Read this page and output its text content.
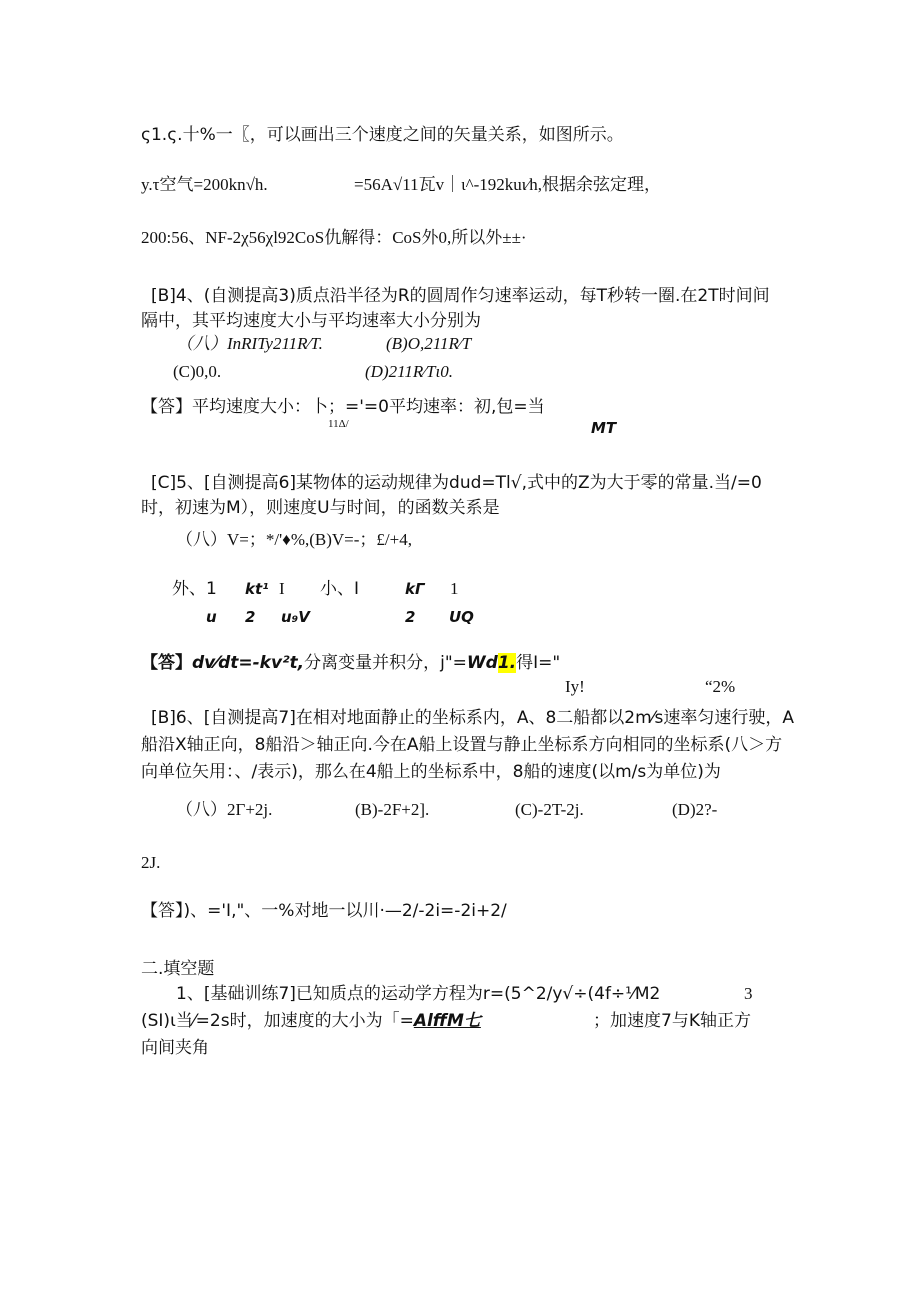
ς1.ς.十%一〖，可以画出三个速度之间的矢量关系，如图所示。
y.τ空气=200kn√h.	=56A√11瓦v｜ι^-192kuι⁄h,根据余弦定理，
200:56、NF-2χ56χl92CoS仇解得：CoS外0,所以外±±·
[B]4、(自测提高3)质点沿半径为R的圆周作匀速率运动，每T秒转一圈.在2T时间间
隔中，其平均速度大小与平均速率大小分别为
（八）InRITy211R⁄T.	(B)O,211R⁄T
(C)0,0.	(D)211R⁄Tι0.
【答】平均速度大小：卜；='=0平均速率：初,包=当
11Δ/	MT
[C]5、[自测提高6]某物体的运动规律为dud=Tl√,式中的Z为大于零的常量.当/=0
时，初速为M），则速度U与时间，的函数关系是
（八）V=；*/'♦%,(B)V=-；£/+4,
外、1 kt¹ I 小、I	kΓ 1
u 2 u₉V	2 UQ
【答】dv⁄dt=-kv²t,分离变量并积分，j"=Wd1.得I="
Iy!	“2%
[B]6、[自测提高7]在相对地面静止的坐标系内，A、8二船都以2m⁄s速率匀速行驶，A
船沿X轴正向，8船沿＞轴正向.今在A船上设置与静止坐标系方向相同的坐标系(八＞方
向单位矢用：、/表示)，那么在4船上的坐标系中，8船的速度(以m/s为单位)为
（八）2Γ+2j.	(B)-2F+2].	(C)-2T-2j.	(D)2?-
2J.
【答】)、='I,"、一%对地一以川·—2/-2i=-2i+2/
二.填空题
1、[基础训练7]已知质点的运动学方程为r=(5^2/y√÷(4f÷⅟M2	3
(SI)ι当⁄=2s时，加速度的大小为「=AlffM七	；加速度7与K轴正方
向间夹角
